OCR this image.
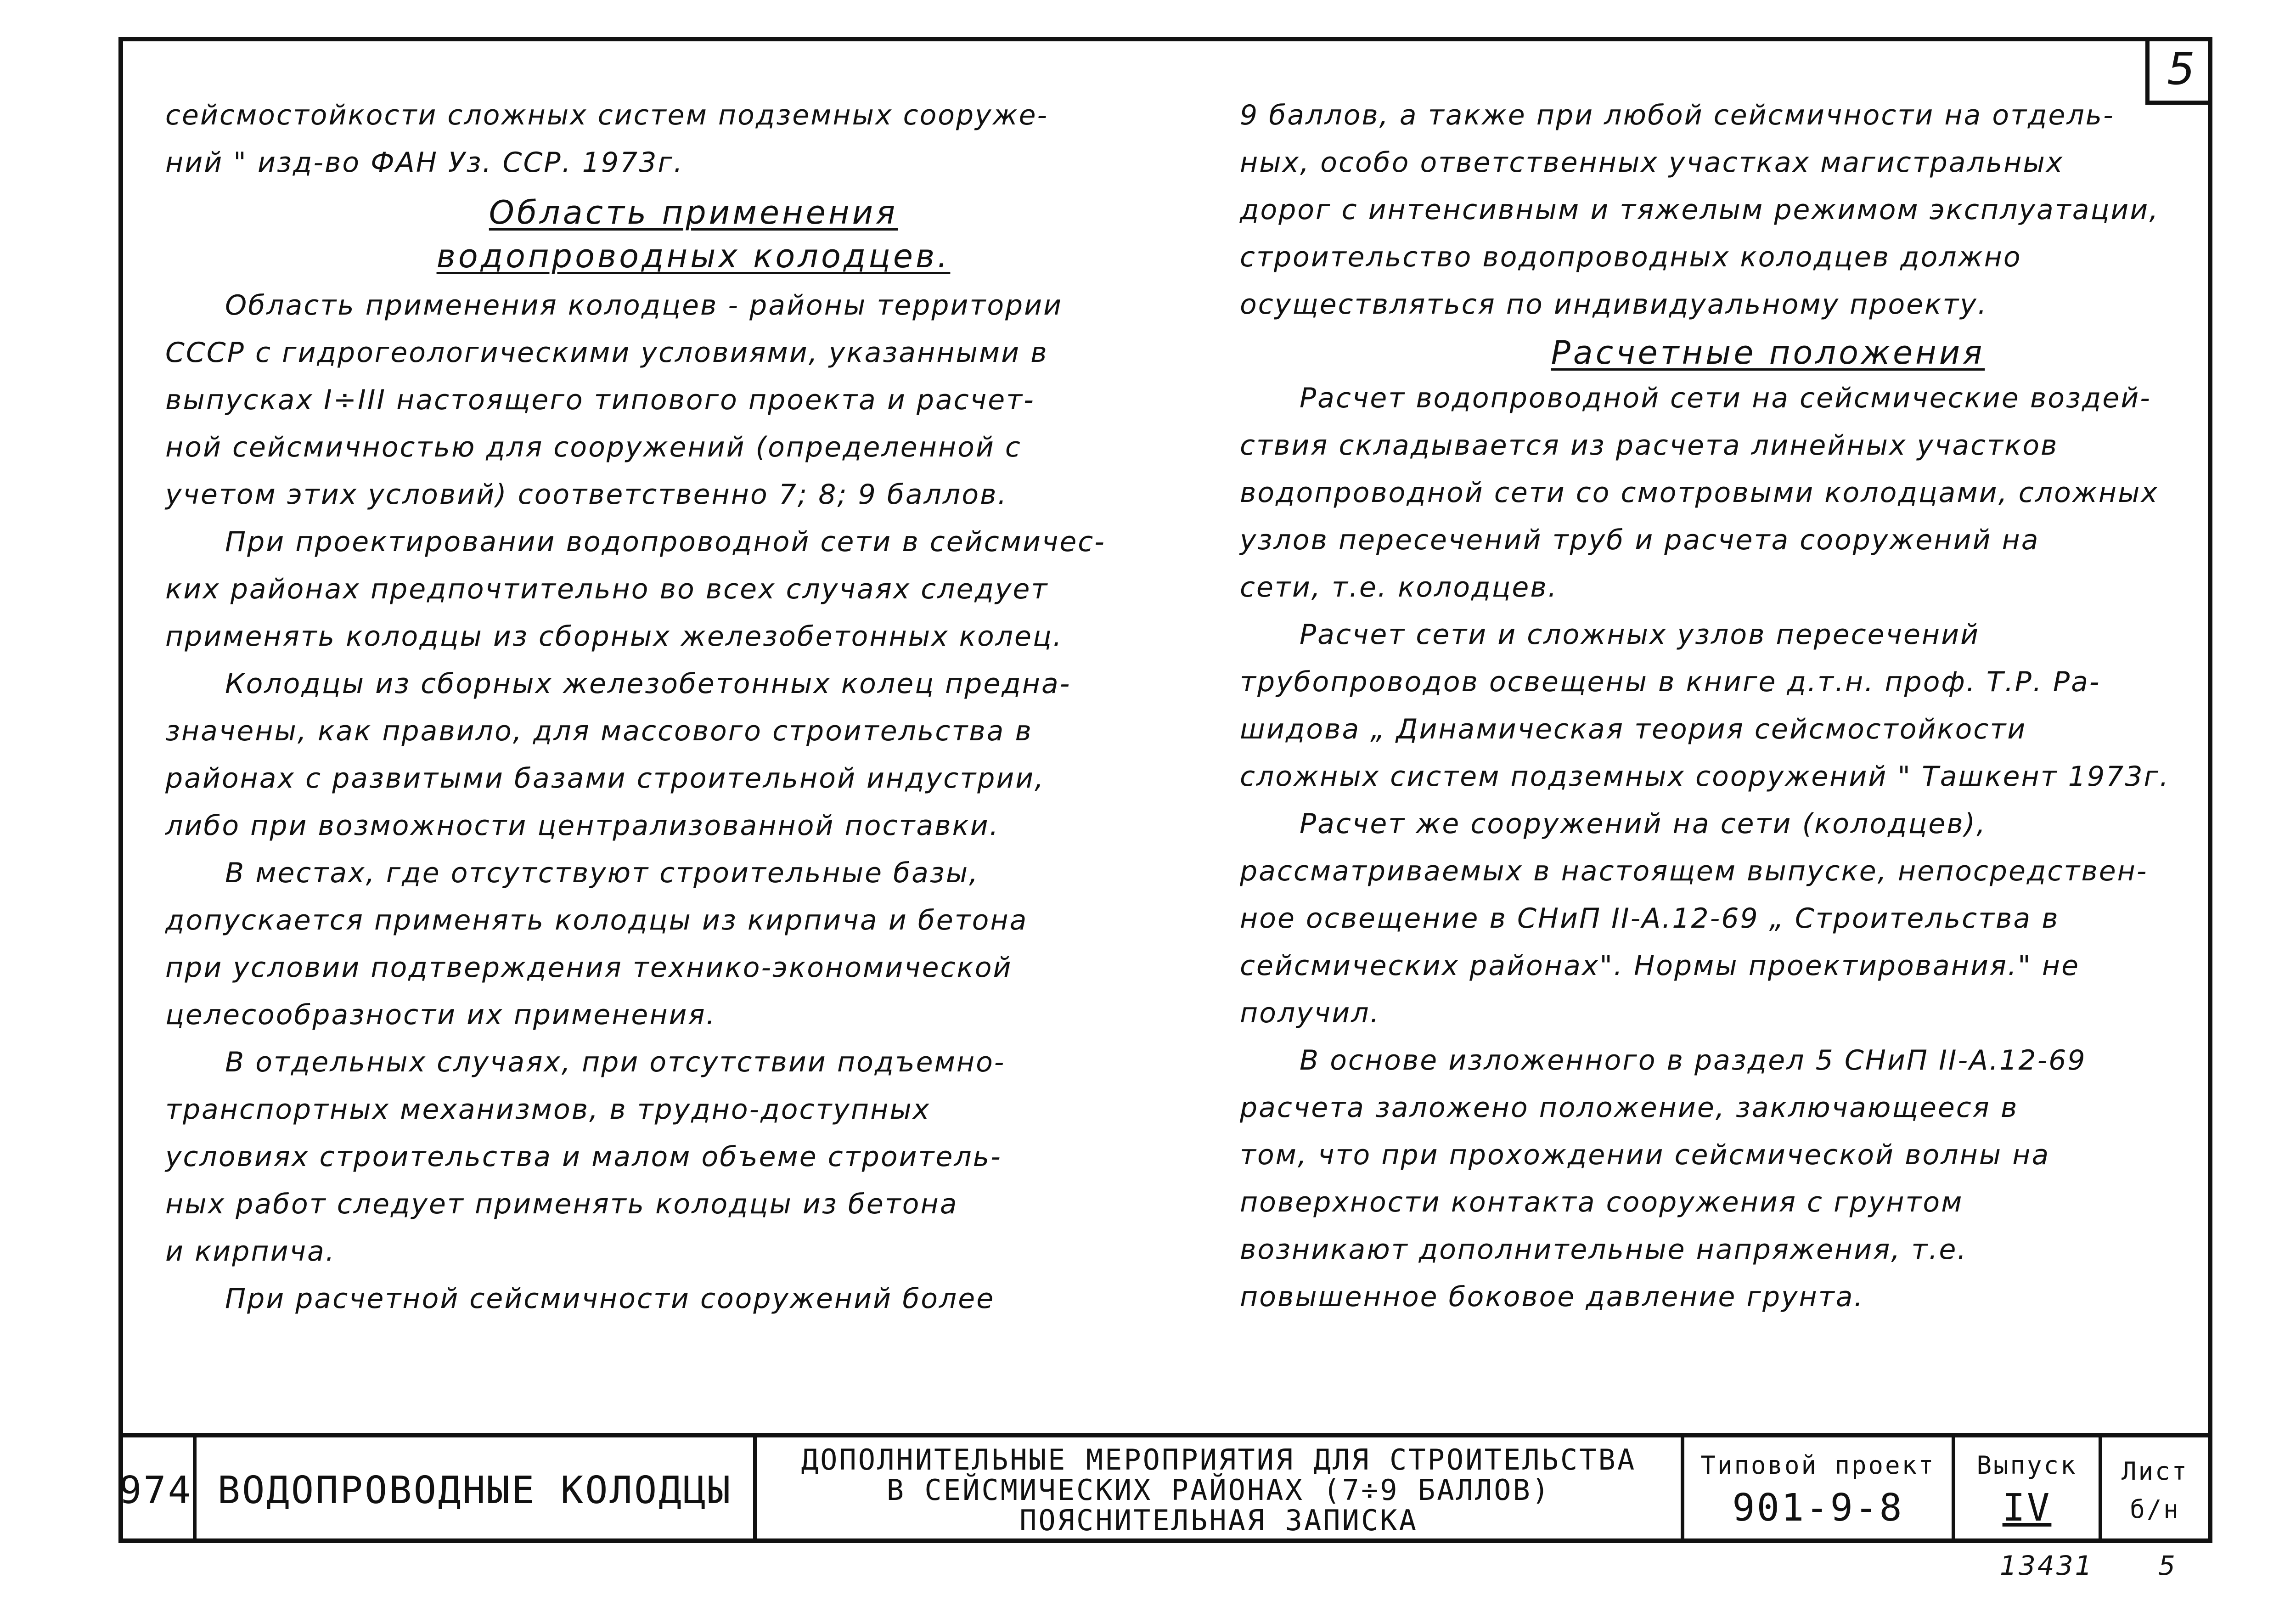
5
сейсмостойкости сложных систем подземных сооруже-
ний " изд-во ФАН Уз. ССР. 1973г.
Область применения
водопроводных колодцев.
Область применения колодцев - районы территории
СССР с гидрогеологическими условиями, указанными в
выпусках I÷III настоящего типового проекта и расчет-
ной сейсмичностью для сооружений (определенной с
учетом этих условий) соответственно 7; 8; 9 баллов.
При проектировании водопроводной сети в сейсмичес-
ких районах предпочтительно во всех случаях следует
применять колодцы из сборных железобетонных колец.
Колодцы из сборных железобетонных колец предна-
значены, как правило, для массового строительства в
районах с развитыми базами строительной индустрии,
либо при возможности централизованной поставки.
В местах, где отсутствуют строительные базы,
допускается применять колодцы из кирпича и бетона
при условии подтверждения технико-экономической
целесообразности их применения.
В отдельных случаях, при отсутствии подъемно-
транспортных механизмов, в трудно-доступных
условиях строительства и малом объеме строитель-
ных работ следует применять колодцы из бетона
и кирпича.
При расчетной сейсмичности сооружений более
9 баллов, а также при любой сейсмичности на отдель-
ных, особо ответственных участках магистральных
дорог с интенсивным и тяжелым режимом эксплуатации,
строительство водопроводных колодцев должно
осуществляться по индивидуальному проекту.
Расчетные положения
Расчет водопроводной сети на сейсмические воздей-
ствия складывается из расчета линейных участков
водопроводной сети со смотровыми колодцами, сложных
узлов пересечений труб и расчета сооружений на
сети, т.е. колодцев.
Расчет сети и сложных узлов пересечений
трубопроводов освещены в книге д.т.н. проф. Т.Р. Ра-
шидова „ Динамическая теория сейсмостойкости
сложных систем подземных сооружений " Ташкент 1973г.
Расчет же сооружений на сети (колодцев),
рассматриваемых в настоящем выпуске, непосредствен-
ное освещение в СНиП II-А.12-69 „ Строительства в
сейсмических районах". Нормы проектирования." не
получил.
В основе изложенного в раздел 5 СНиП II-А.12-69
расчета заложено положение, заключающееся в
том, что при прохождении сейсмической волны на
поверхности контакта сооружения с грунтом
возникают дополнительные напряжения, т.е.
повышенное боковое давление грунта.
974 ВОДОПРОВОДНЫЕ КОЛОДЦЫ
ДОПОЛНИТЕЛЬНЫЕ МЕРОПРИЯТИЯ ДЛЯ СТРОИТЕЛЬСТВА
В СЕЙСМИЧЕСКИХ РАЙОНАХ (7÷9 БАЛЛОВ)
ПОЯСНИТЕЛЬНАЯ ЗАПИСКА
Типовой проект
901-9-8
Выпуск
IV
Лист
б/н
13431 5
